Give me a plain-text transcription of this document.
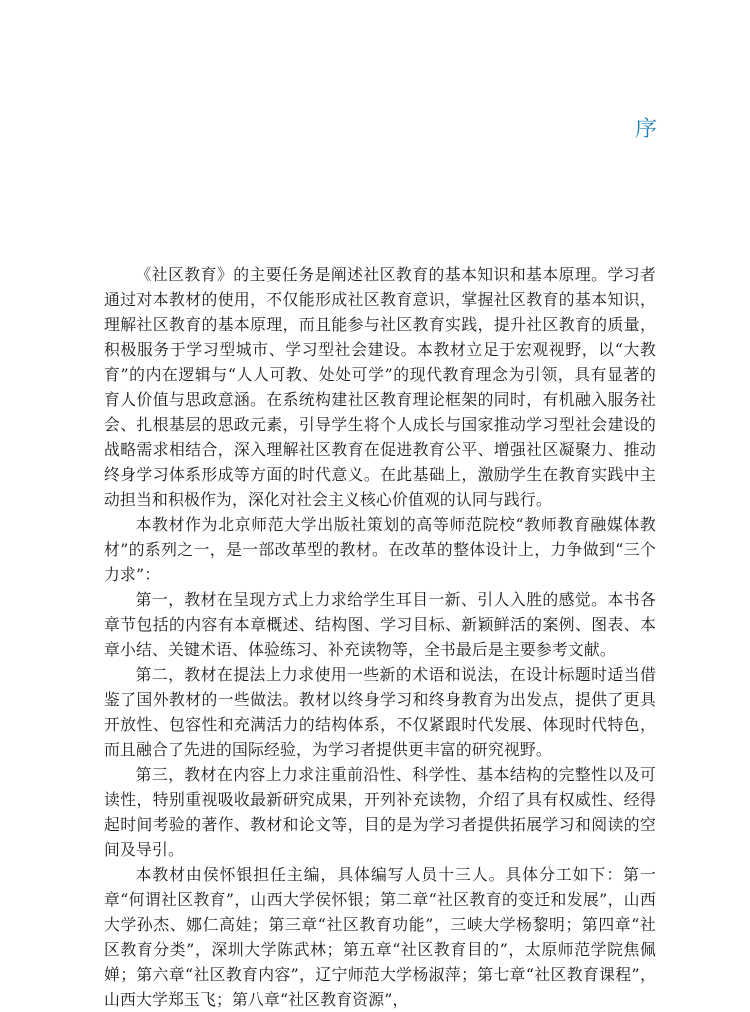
序

《社区教育》的主要任务是阐述社区教育的基本知识和基本原理。学习者通过对本教材的使用，不仅能形成社区教育意识，掌握社区教育的基本知识，理解社区教育的基本原理，而且能参与社区教育实践，提升社区教育的质量，积极服务于学习型城市、学习型社会建设。本教材立足于宏观视野，以“大教育”的内在逻辑与“人人可教、处处可学”的现代教育理念为引领，具有显著的育人价值与思政意涵。在系统构建社区教育理论框架的同时，有机融入服务社会、扎根基层的思政元素，引导学生将个人成长与国家推动学习型社会建设的战略需求相结合，深入理解社区教育在促进教育公平、增强社区凝聚力、推动终身学习体系形成等方面的时代意义。在此基础上，激励学生在教育实践中主动担当和积极作为，深化对社会主义核心价值观的认同与践行。

本教材作为北京师范大学出版社策划的高等师范院校“教师教育融媒体教材”的系列之一，是一部改革型的教材。在改革的整体设计上，力争做到“三个力求”：

第一，教材在呈现方式上力求给学生耳目一新、引人入胜的感觉。本书各章节包括的内容有本章概述、结构图、学习目标、新颖鲜活的案例、图表、本章小结、关键术语、体验练习、补充读物等，全书最后是主要参考文献。

第二，教材在提法上力求使用一些新的术语和说法，在设计标题时适当借鉴了国外教材的一些做法。教材以终身学习和终身教育为出发点，提供了更具开放性、包容性和充满活力的结构体系，不仅紧跟时代发展、体现时代特色，而且融合了先进的国际经验，为学习者提供更丰富的研究视野。

第三，教材在内容上力求注重前沿性、科学性、基本结构的完整性以及可读性，特别重视吸收最新研究成果，开列补充读物，介绍了具有权威性、经得起时间考验的著作、教材和论文等，目的是为学习者提供拓展学习和阅读的空间及导引。

本教材由侯怀银担任主编，具体编写人员十三人。具体分工如下：第一章“何谓社区教育”，山西大学侯怀银；第二章“社区教育的变迁和发展”，山西大学孙杰、娜仁高娃；第三章“社区教育功能”，三峡大学杨黎明；第四章“社区教育分类”，深圳大学陈武林；第五章“社区教育目的”，太原师范学院焦佩婵；第六章“社区教育内容”，辽宁师范大学杨淑萍；第七章“社区教育课程”，山西大学郑玉飞；第八章“社区教育资源”，
